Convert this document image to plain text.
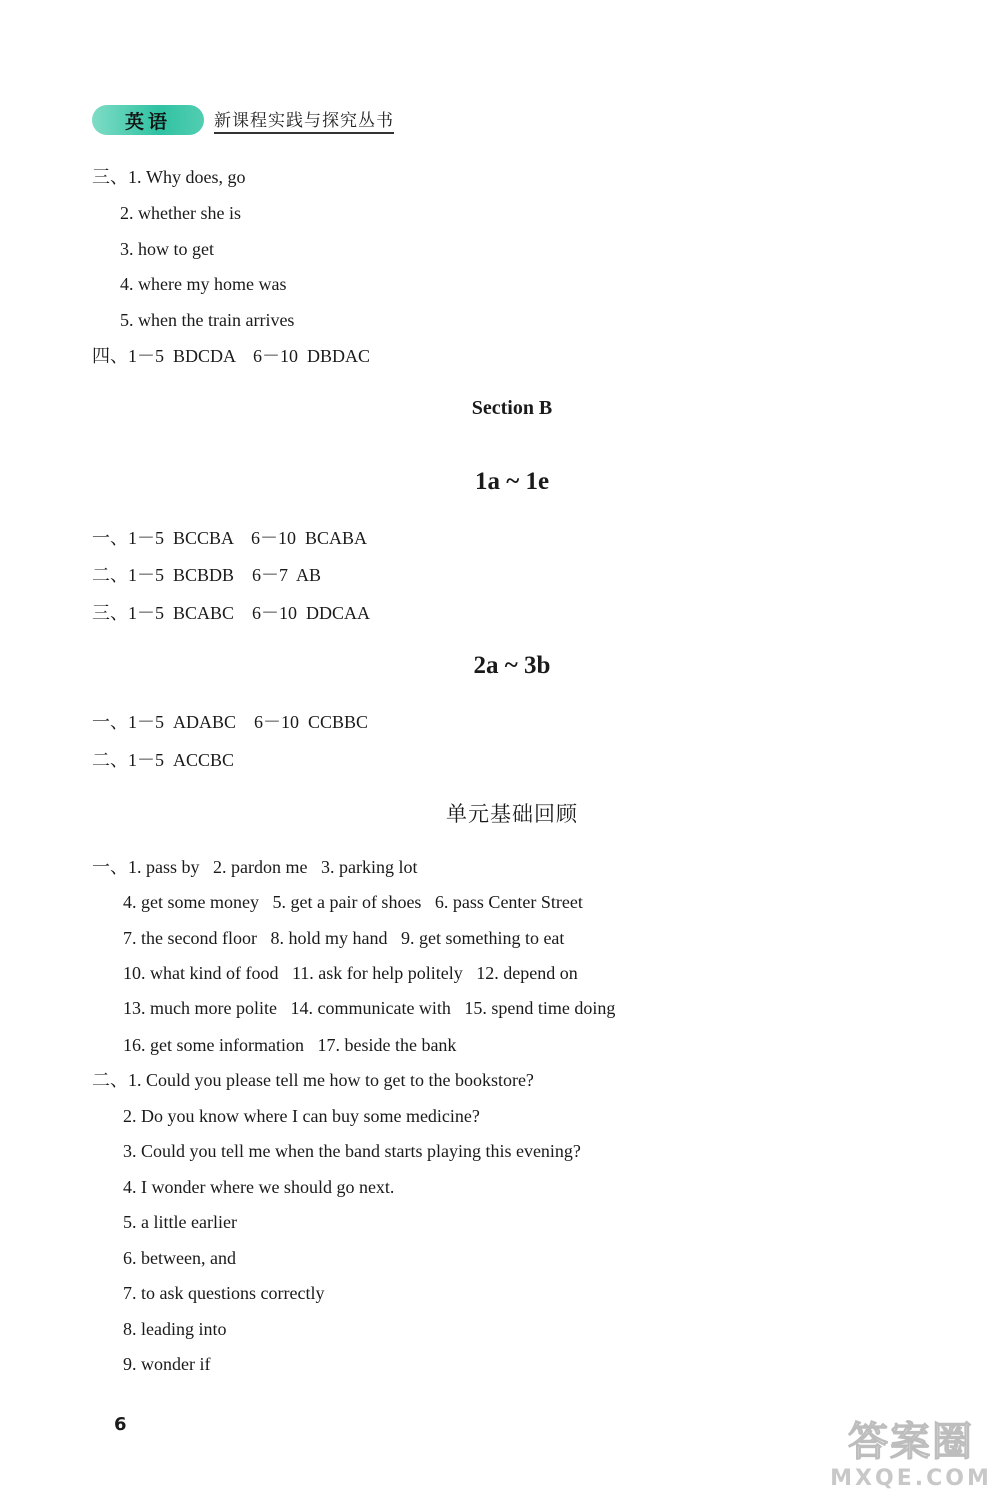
英语	新课程实践与探究丛书
三、1. Why does, go
2. whether she is
3. how to get
4. where my home was
5. when the train arrives
四、1－5  BDCDA    6－10  DBDAC
Section B
1a ~ 1e
一、1－5  BCCBA    6－10  BCABA
二、1－5  BCBDB    6－7  AB
三、1－5  BCABC    6－10  DDCAA
2a ~ 3b
一、1－5  ADABC    6－10  CCBBC
二、1－5  ACCBC
单元基础回顾
一、1. pass by   2. pardon me   3. parking lot
4. get some money   5. get a pair of shoes   6. pass Center Street
7. the second floor   8. hold my hand   9. get something to eat
10. what kind of food   11. ask for help politely   12. depend on
13. much more polite   14. communicate with   15. spend time doing
16. get some information   17. beside the bank
二、1. Could you please tell me how to get to the bookstore?
2. Do you know where I can buy some medicine?
3. Could you tell me when the band starts playing this evening?
4. I wonder where we should go next.
5. a little earlier
6. between, and
7. to ask questions correctly
8. leading into
9. wonder if
6	答案圈
MXQE.COM
